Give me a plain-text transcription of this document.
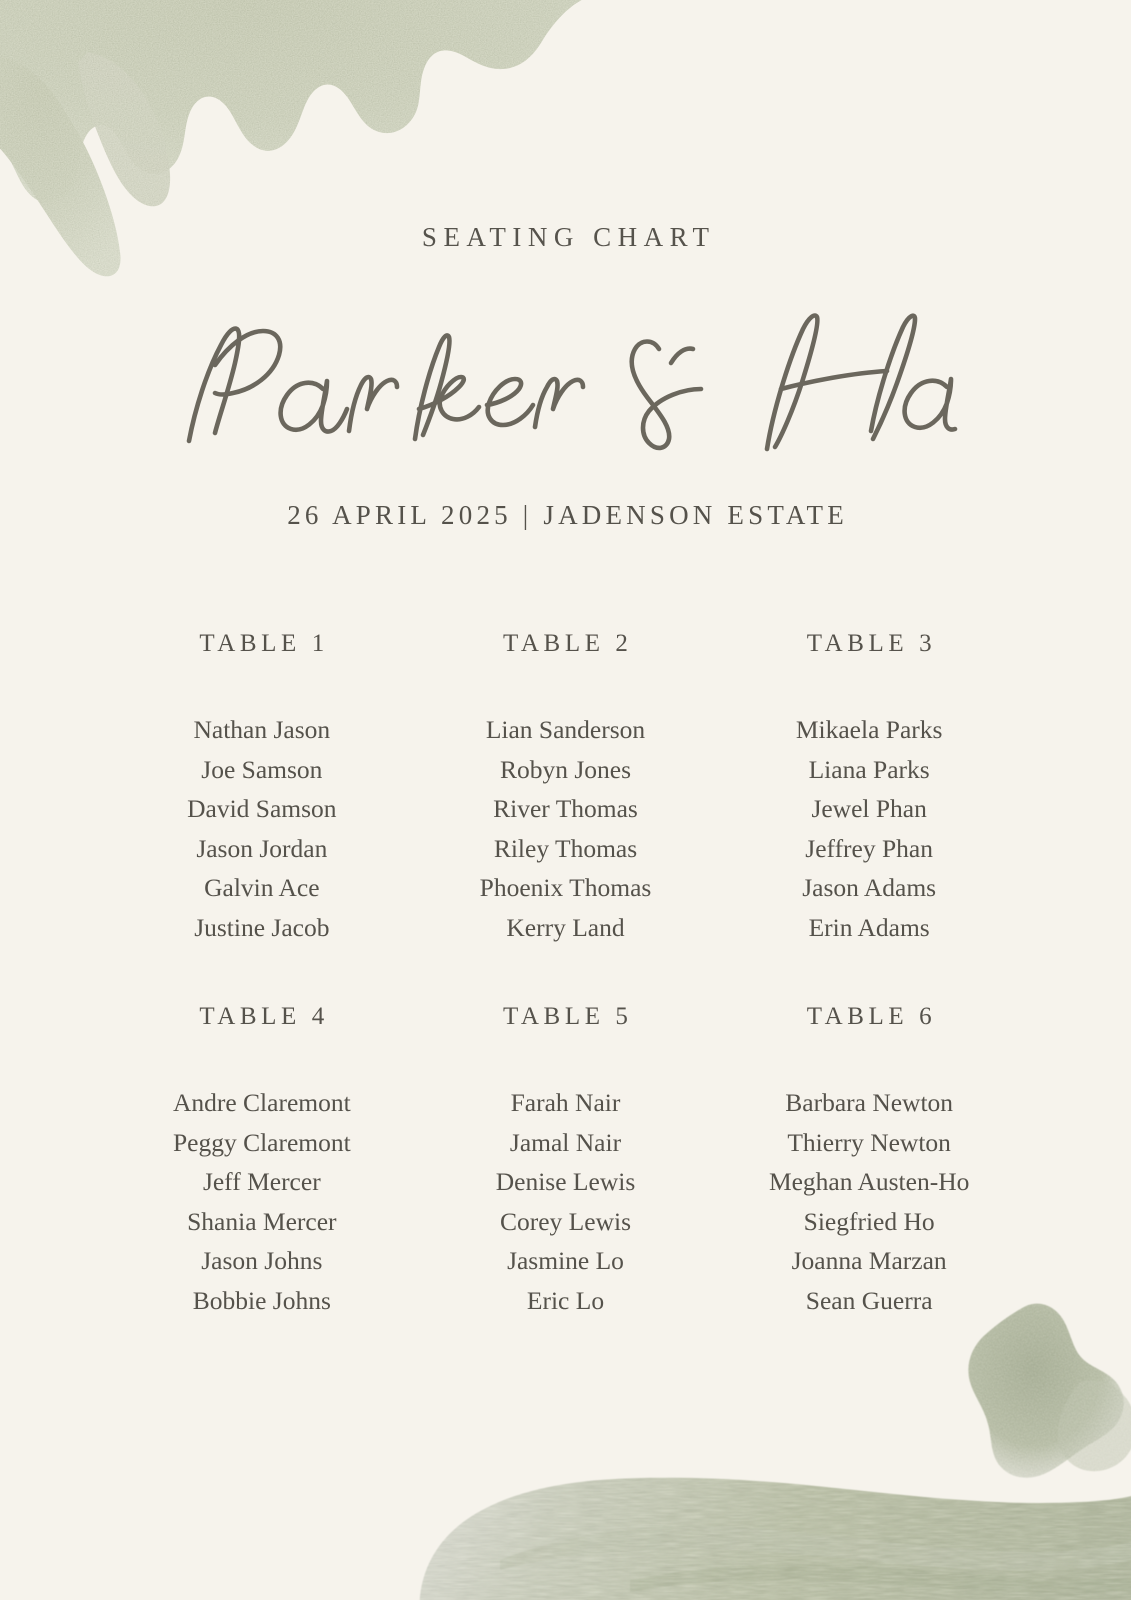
SEATING CHART
26 APRIL 2025 | JADENSON ESTATE
TABLE 1
Nathan Jason
Joe Samson
David Samson
Jason Jordan
Galvin Ace
Justine Jacob
TABLE 2
Lian Sanderson
Robyn Jones
River Thomas
Riley Thomas
Phoenix Thomas
Kerry Land
TABLE 3
Mikaela Parks
Liana Parks
Jewel Phan
Jeffrey Phan
Jason Adams
Erin Adams
TABLE 4
Andre Claremont
Peggy Claremont
Jeff Mercer
Shania Mercer
Jason Johns
Bobbie Johns
TABLE 5
Farah Nair
Jamal Nair
Denise Lewis
Corey Lewis
Jasmine Lo
Eric Lo
TABLE 6
Barbara Newton
Thierry Newton
Meghan Austen-Ho
Siegfried Ho
Joanna Marzan
Sean Guerra
